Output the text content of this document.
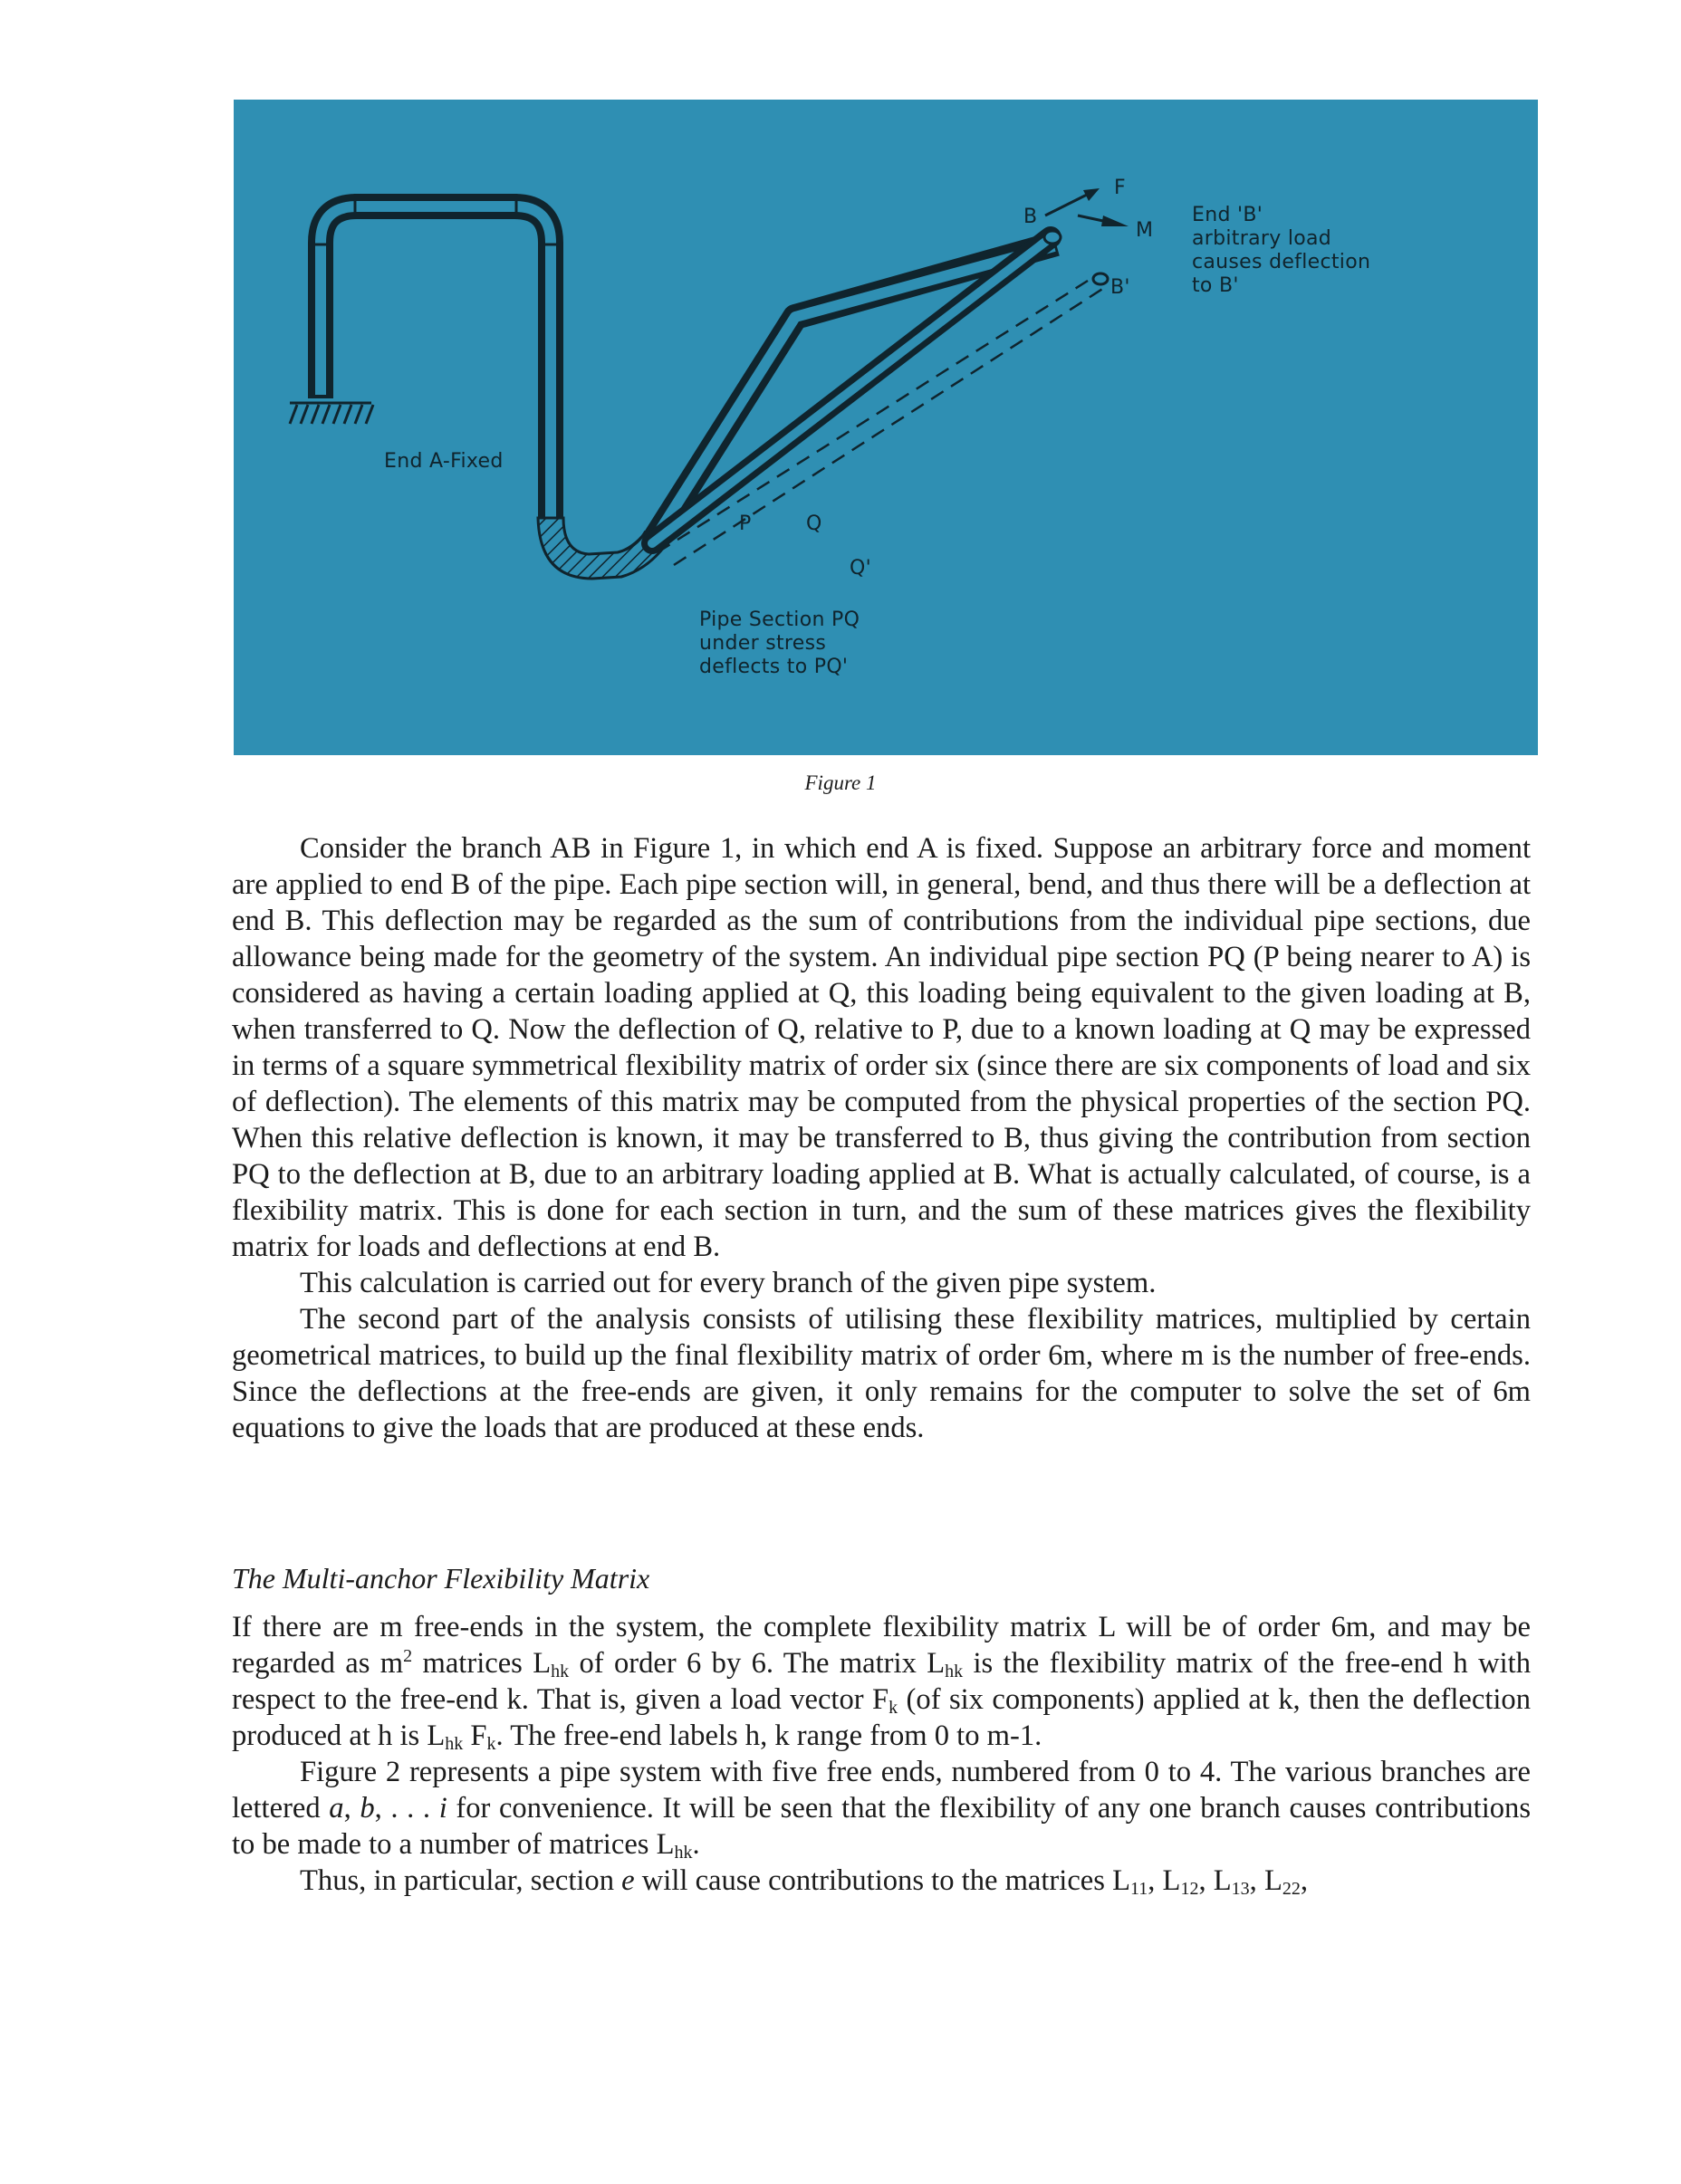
B
F
M
B'
P	Q
Q'
End A-Fixed
End 'B'
arbitrary load
causes deflection
to B'
Pipe Section PQ
under stress
deflects to PQ'
Figure 1

Consider the branch AB in Figure 1, in which end A is fixed. Suppose an arbitrary force and moment are applied to end B of the pipe. Each pipe section will, in general, bend, and thus there will be a deflection at end B. This deflection may be regarded as the sum of contributions from the individual pipe sections, due allowance being made for the geometry of the system. An individual pipe section PQ (P being nearer to A) is considered as having a certain loading applied at Q, this loading being equivalent to the given loading at B, when transferred to Q. Now the deflection of Q, relative to P, due to a known loading at Q may be expressed in terms of a square symmetrical flexibility matrix of order six (since there are six components of load and six of deflection). The elements of this matrix may be computed from the physical properties of the section PQ. When this relative deflection is known, it may be transferred to B, thus giving the contribution from section PQ to the deflection at B, due to an arbitrary loading applied at B. What is actually calculated, of course, is a flexibility matrix. This is done for each section in turn, and the sum of these matrices gives the flexibility matrix for loads and deflections at end B.

This calculation is carried out for every branch of the given pipe system.

The second part of the analysis consists of utilising these flexibility matrices, multiplied by certain geometrical matrices, to build up the final flexibility matrix of order 6m, where m is the number of free-ends. Since the deflections at the free-ends are given, it only remains for the computer to solve the set of 6m equations to give the loads that are produced at these ends.

The Multi-anchor Flexibility Matrix

If there are m free-ends in the system, the complete flexibility matrix L will be of order 6m, and may be regarded as $m^2$ matrices $L_{hk}$ of order 6 by 6. The matrix $L_{hk}$ is the flexibility matrix of the free-end h with respect to the free-end k. That is, given a load vector $F_k$ (of six components) applied at k, then the deflection produced at h is $L_{hk}$ $F_k$. The free-end labels h, k range from 0 to m-1.

Figure 2 represents a pipe system with five free ends, numbered from 0 to 4. The various branches are lettered a, b, . . . i for convenience. It will be seen that the flexibility of any one branch causes contributions to be made to a number of matrices $L_{hk}$.

Thus, in particular, section e will cause contributions to the matrices $L_{11}$, $L_{12}$, $L_{13}$, $L_{22}$,
